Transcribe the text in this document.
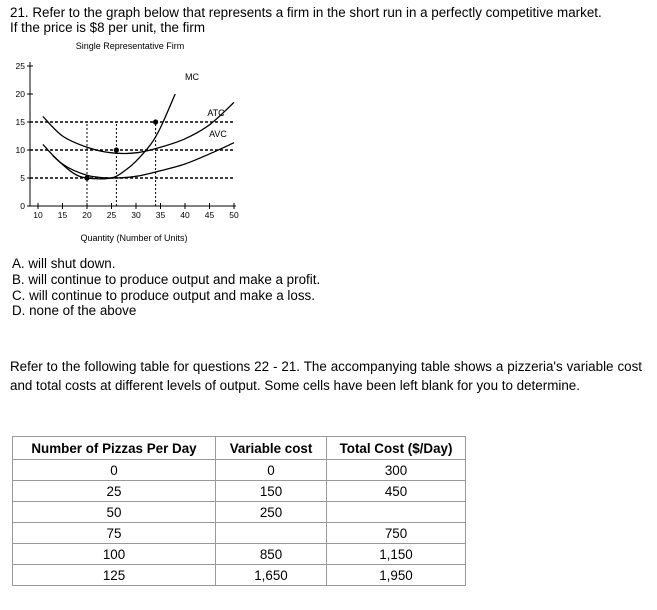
21. Refer to the graph below that represents a firm in the short run in a perfectly competitive market.
If the price is $8 per unit, the firm
Single Representative Firm
0
5
10
15
20
25
10 15 20 25 30 35 40 45 50
Quantity (Number of Units)
MC
ATC
AVC
A. will shut down.
B. will continue to produce output and make a profit.
C. will continue to produce output and make a loss.
D. none of the above
Refer to the following table for questions 22 - 21. The accompanying table shows a pizzeria's variable cost and total costs at different levels of output. Some cells have been left blank for you to determine.
Number of Pizzas Per Day	Variable cost	Total Cost ($/Day)
0	0	300
25	150	450
50	250	
75		750
100	850	1,150
125	1,650	1,950
